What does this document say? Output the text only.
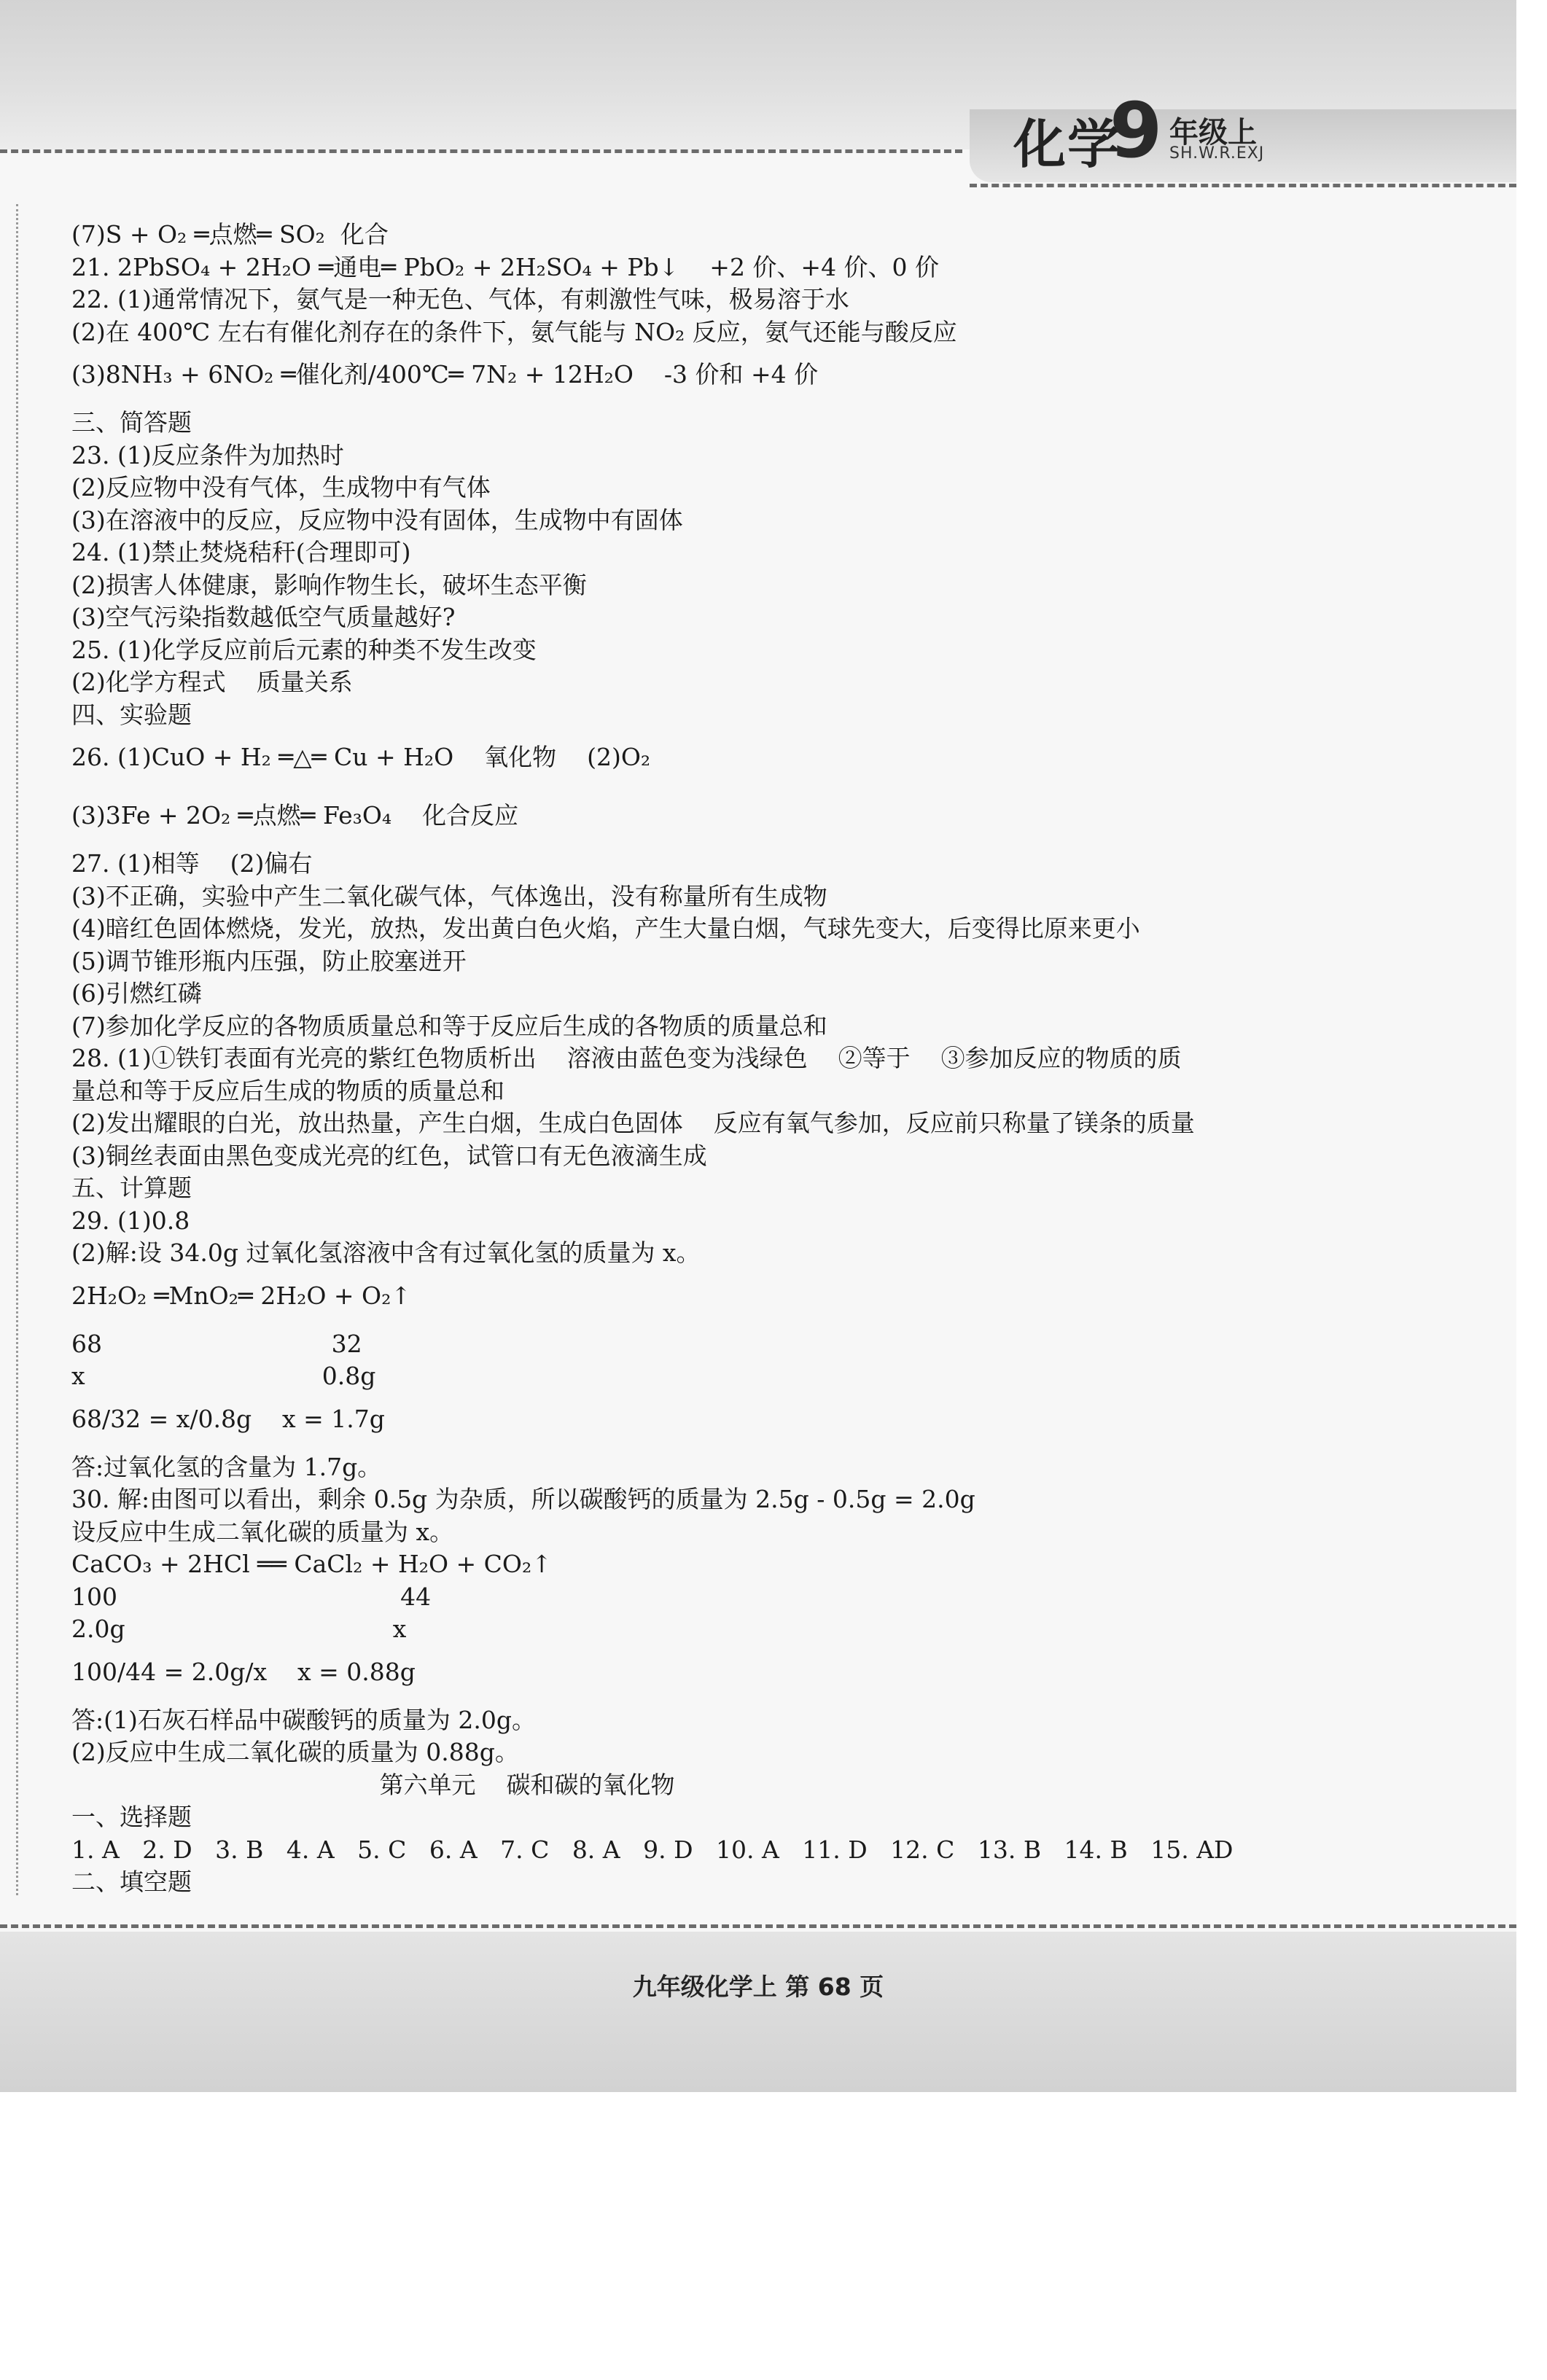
化学
9 年级上
SH.W.R.EXJ
(7)S + O₂ ═点燃═ SO₂  化合
21. 2PbSO₄ + 2H₂O ═通电═ PbO₂ + 2H₂SO₄ + Pb↓    +2 价、+4 价、0 价
22. (1)通常情况下，氨气是一种无色、气体，有刺激性气味，极易溶于水
(2)在 400℃ 左右有催化剂存在的条件下，氨气能与 NO₂ 反应，氨气还能与酸反应
(3)8NH₃ + 6NO₂ ═催化剂/400℃═ 7N₂ + 12H₂O    -3 价和 +4 价
三、简答题
23. (1)反应条件为加热时
(2)反应物中没有气体，生成物中有气体
(3)在溶液中的反应，反应物中没有固体，生成物中有固体
24. (1)禁止焚烧秸秆(合理即可)
(2)损害人体健康，影响作物生长，破坏生态平衡
(3)空气污染指数越低空气质量越好?
25. (1)化学反应前后元素的种类不发生改变
(2)化学方程式    质量关系
四、实验题
26. (1)CuO + H₂ ═△═ Cu + H₂O    氧化物    (2)O₂
(3)3Fe + 2O₂ ═点燃═ Fe₃O₄    化合反应
27. (1)相等    (2)偏右
(3)不正确，实验中产生二氧化碳气体，气体逸出，没有称量所有生成物
(4)暗红色固体燃烧，发光，放热，发出黄白色火焰，产生大量白烟，气球先变大，后变得比原来更小
(5)调节锥形瓶内压强，防止胶塞迸开
(6)引燃红磷
(7)参加化学反应的各物质质量总和等于反应后生成的各物质的质量总和
28. (1)①铁钉表面有光亮的紫红色物质析出    溶液由蓝色变为浅绿色    ②等于    ③参加反应的物质的质
量总和等于反应后生成的物质的质量总和
(2)发出耀眼的白光，放出热量，产生白烟，生成白色固体    反应有氧气参加，反应前只称量了镁条的质量
(3)铜丝表面由黑色变成光亮的红色，试管口有无色液滴生成
五、计算题
29. (1)0.8
(2)解:设 34.0g 过氧化氢溶液中含有过氧化氢的质量为 x。
2H₂O₂ ═MnO₂═ 2H₂O + O₂↑
68                              32
x                               0.8g
68/32 = x/0.8g    x = 1.7g
答:过氧化氢的含量为 1.7g。
30. 解:由图可以看出，剩余 0.5g 为杂质，所以碳酸钙的质量为 2.5g - 0.5g = 2.0g
设反应中生成二氧化碳的质量为 x。
CaCO₃ + 2HCl ══ CaCl₂ + H₂O + CO₂↑
100                                     44
2.0g                                   x
100/44 = 2.0g/x    x = 0.88g
答:(1)石灰石样品中碳酸钙的质量为 2.0g。
(2)反应中生成二氧化碳的质量为 0.88g。
第六单元    碳和碳的氧化物
一、选择题
1. A   2. D   3. B   4. A   5. C   6. A   7. C   8. A   9. D   10. A   11. D   12. C   13. B   14. B   15. AD
二、填空题
九年级化学上 第 68 页
